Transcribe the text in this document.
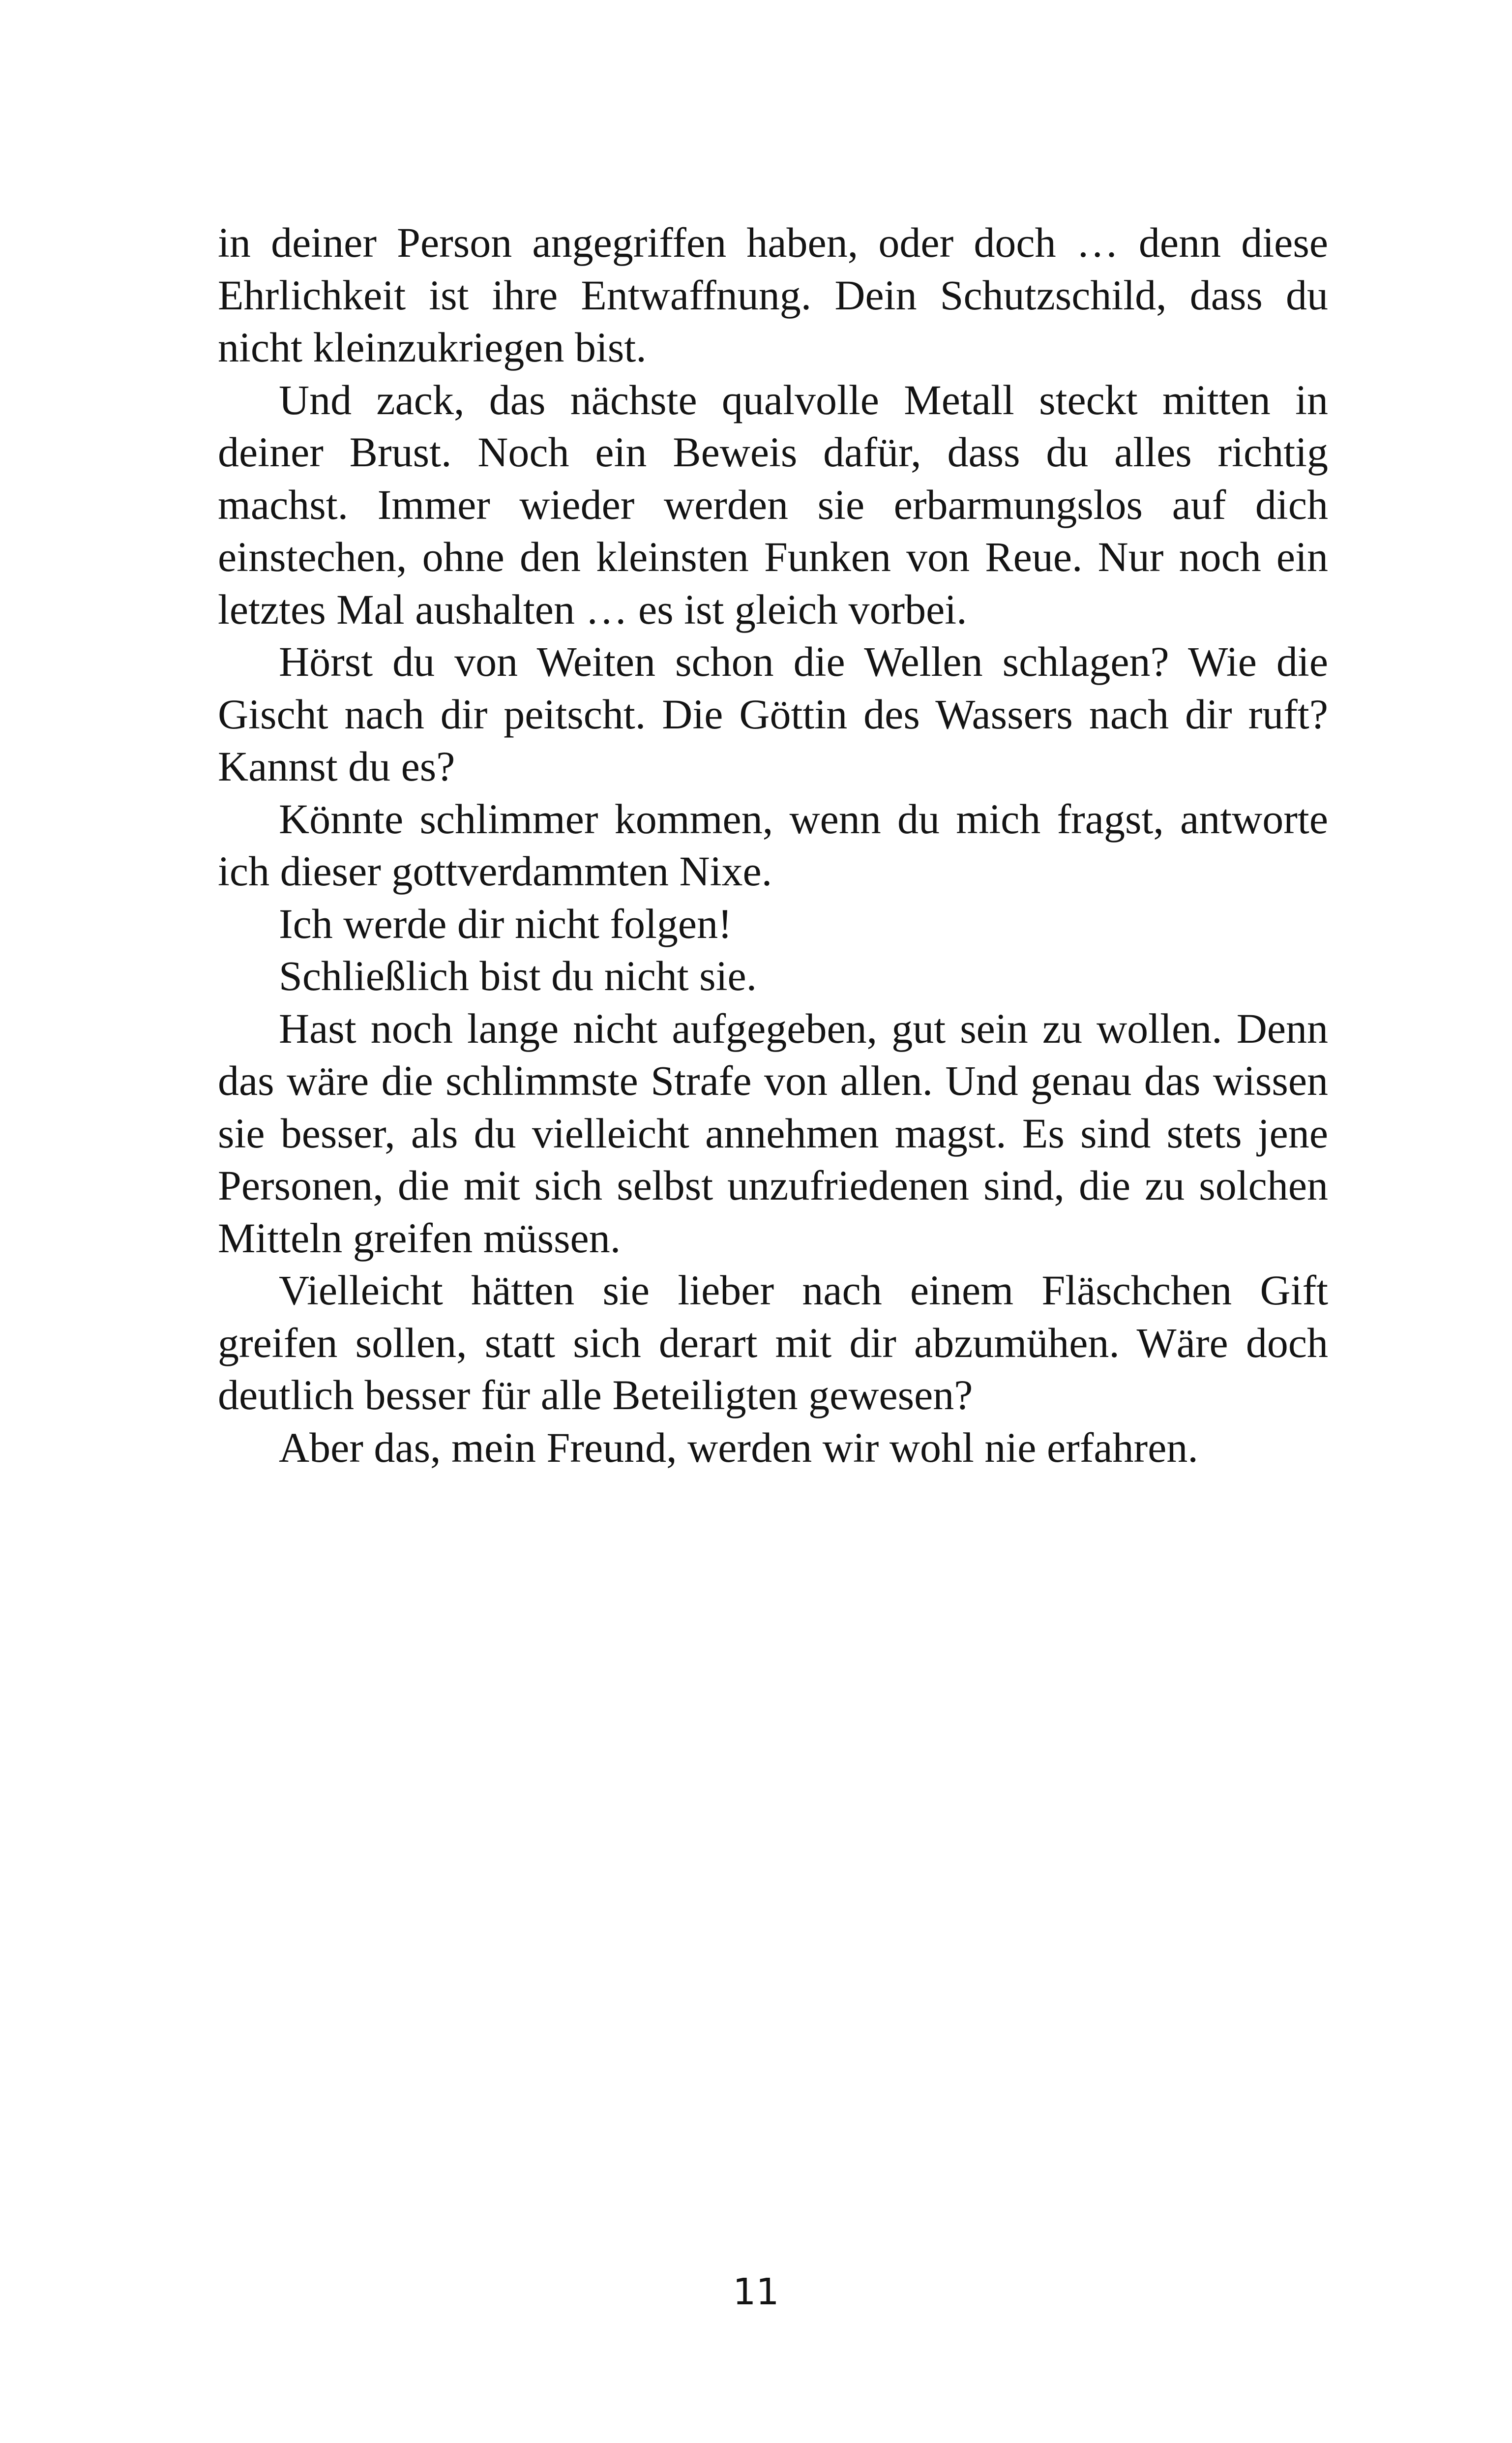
in deiner Person angegriffen haben, oder doch … denn diese Ehrlichkeit ist ihre Entwaffnung. Dein Schutzschild, dass du nicht kleinzukriegen bist.

Und zack, das nächste qualvolle Metall steckt mitten in deiner Brust. Noch ein Beweis dafür, dass du alles richtig machst. Immer wieder werden sie erbarmungslos auf dich einstechen, ohne den kleinsten Funken von Reue. Nur noch ein letztes Mal aushalten … es ist gleich vorbei.

Hörst du von Weiten schon die Wellen schlagen? Wie die Gischt nach dir peitscht. Die Göttin des Wassers nach dir ruft? Kannst du es?

Könnte schlimmer kommen, wenn du mich fragst, antworte ich dieser gottverdammten Nixe.

Ich werde dir nicht folgen!

Schließlich bist du nicht sie.

Hast noch lange nicht aufgegeben, gut sein zu wollen. Denn das wäre die schlimmste Strafe von allen. Und genau das wissen sie besser, als du vielleicht annehmen magst. Es sind stets jene Personen, die mit sich selbst unzufriedenen sind, die zu solchen Mitteln greifen müssen.

Vielleicht hätten sie lieber nach einem Fläschchen Gift greifen sollen, statt sich derart mit dir abzumühen. Wäre doch deutlich besser für alle Beteiligten gewesen?

Aber das, mein Freund, werden wir wohl nie erfahren.

11
